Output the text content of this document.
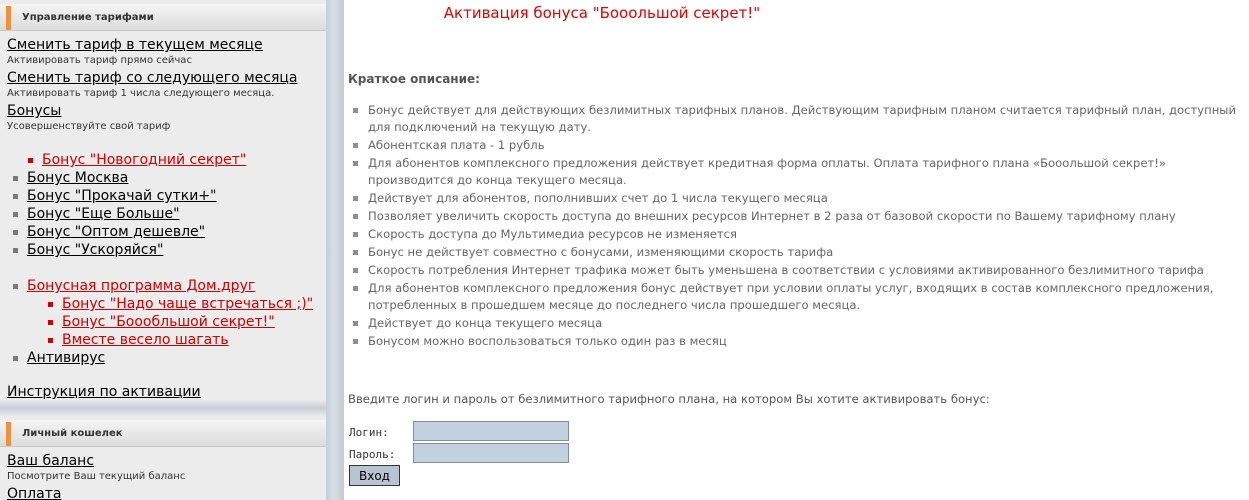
Управление тарифами
Сменить тариф в текущем месяце
Активировать тариф прямо сейчас
Сменить тариф со следующего месяца
Активировать тариф 1 числа следующего месяца.
Бонусы
Усовершенствуйте свой тариф
Бонус "Новогодний секрет"
Бонус Москва
Бонус "Прокачай сутки+"
Бонус "Еще Больше"
Бонус "Оптом дешевле"
Бонус "Ускоряйся"
Бонусная программа Дом.друг
Бонус "Надо чаще встречаться ;)"
Бонус "Боообльшой секрет!"
Вместе весело шагать
Антивирус
Инструкция по активации
Личный кошелек
Ваш баланс
Посмотрите Ваш текущий баланс
Оплата
Активация бонуса "Бооольшой секрет!"
Краткое описание:
Бонус действует для действующих безлимитных тарифных планов. Действующим тарифным планом считается тарифный план, доступный для подключений на текущую дату.
Абонентская плата - 1 рубль
Для абонентов комплексного предложения действует кредитная форма оплаты. Оплата тарифного плана «Бооольшой секрет!» производится до конца текущего месяца.
Действует для абонентов, пополнивших счет до 1 числа текущего месяца
Позволяет увеличить скорость доступа до внешних ресурсов Интернет в 2 раза от базовой скорости по Вашему тарифному плану
Скорость доступа до Мультимедиа ресурсов не изменяется
Бонус не действует совместно с бонусами, изменяющими скорость тарифа
Скорость потребления Интернет трафика может быть уменьшена в соответствии с условиями активированного безлимитного тарифа
Для абонентов комплексного предложения бонус действует при условии оплаты услуг, входящих в состав комплексного предложения, потребленных в прошедшем месяце до последнего числа прошедшего месяца.
Действует до конца текущего месяца
Бонусом можно воспользоваться только один раз в месяц
Введите логин и пароль от безлимитного тарифного плана, на котором Вы хотите активировать бонус:
Логин:
Пароль:
Вход
